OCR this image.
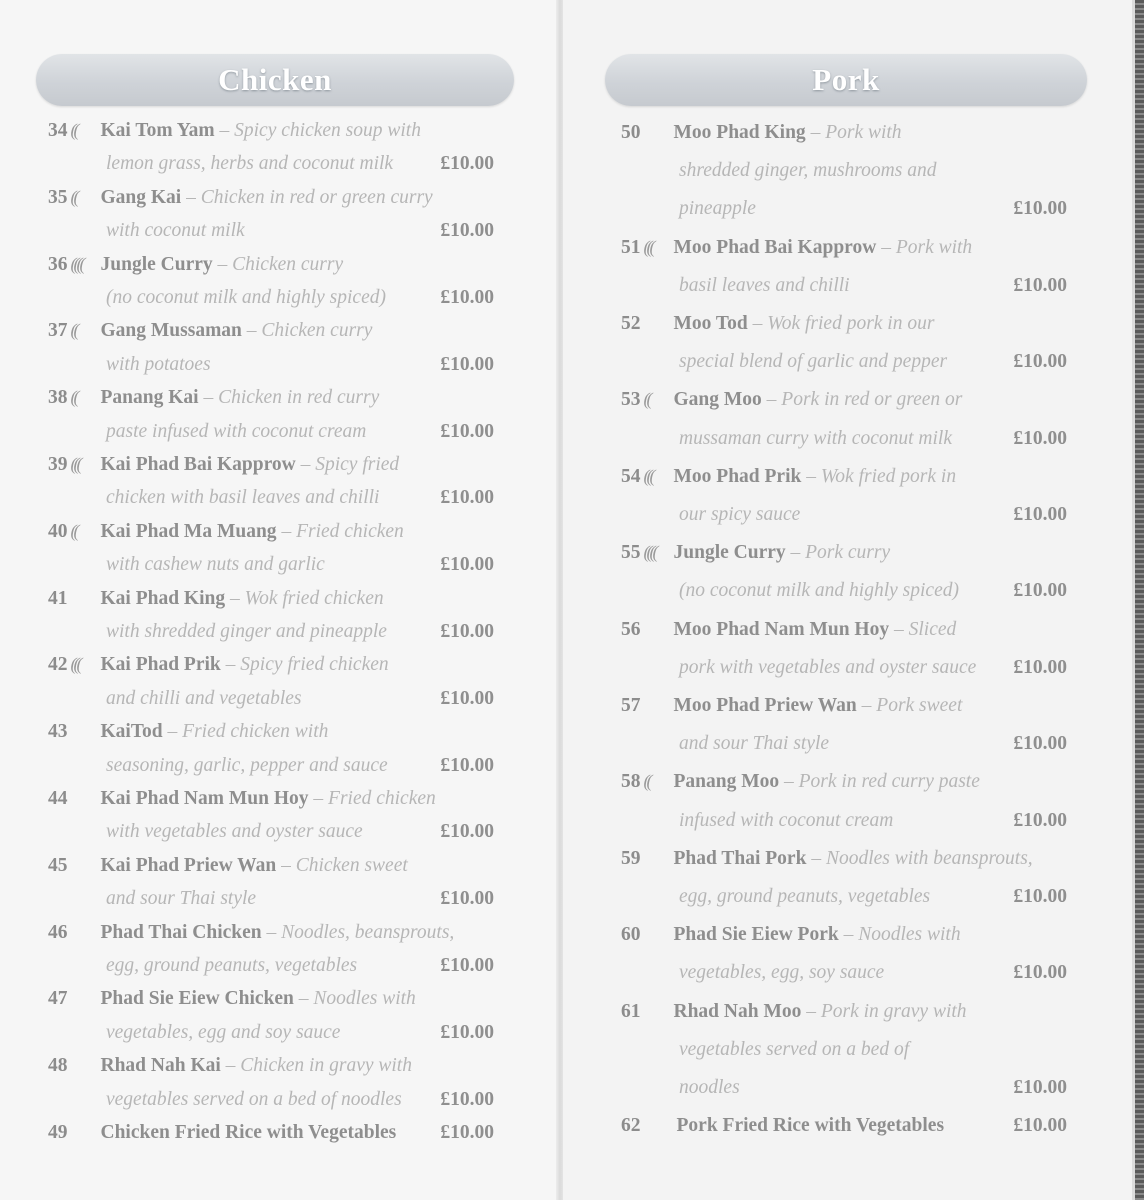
Chicken
34 ((	Kai Tom Yam – Spicy chicken soup with
lemon grass, herbs and coconut milk £10.00
35 ((	Gang Kai – Chicken in red or green curry
with coconut milk	£10.00
36 (((( Jungle Curry – Chicken curry
(no coconut milk and highly spiced)	£10.00
37 ((	Gang Mussaman – Chicken curry
with potatoes	£10.00
38 ((	Panang Kai – Chicken in red curry
paste infused with coconut cream	£10.00
39 (((	Kai Phad Bai Kapprow – Spicy fried
chicken with basil leaves and chilli	£10.00
40 ((	Kai Phad Ma Muang – Fried chicken
with cashew nuts and garlic	£10.00
41 Kai Phad King – Wok fried chicken
with shredded ginger and pineapple	£10.00
42 (((	Kai Phad Prik – Spicy fried chicken
and chilli and vegetables	£10.00
43 KaiTod – Fried chicken with
seasoning, garlic, pepper and sauce	£10.00
44 Kai Phad Nam Mun Hoy – Fried chicken
with vegetables and oyster sauce	£10.00
45 Kai Phad Priew Wan – Chicken sweet
and sour Thai style	£10.00
46 Phad Thai Chicken – Noodles, beansprouts,
egg, ground peanuts, vegetables	£10.00
47 Phad Sie Eiew Chicken – Noodles with
vegetables, egg and soy sauce	£10.00
48 Rhad Nah Kai – Chicken in gravy with
vegetables served on a bed of noodles £10.00
49 Chicken Fried Rice with Vegetables £10.00
Pork
50 Moo Phad King – Pork with
shredded ginger, mushrooms and
pineapple	£10.00
51 (((	Moo Phad Bai Kapprow – Pork with
basil leaves and chilli	£10.00
52 Moo Tod – Wok fried pork in our
special blend of garlic and pepper	£10.00
53 ((	Gang Moo – Pork in red or green or
mussaman curry with coconut milk	£10.00
54 (((	Moo Phad Prik – Wok fried pork in
our spicy sauce	£10.00
55 (((( Jungle Curry – Pork curry
(no coconut milk and highly spiced)	£10.00
56 Moo Phad Nam Mun Hoy – Sliced
pork with vegetables and oyster sauce £10.00
57 Moo Phad Priew Wan – Pork sweet
and sour Thai style	£10.00
58 ((	Panang Moo – Pork in red curry paste
infused with coconut cream	£10.00
59 Phad Thai Pork – Noodles with beansprouts,
egg, ground peanuts, vegetables	£10.00
60 Phad Sie Eiew Pork – Noodles with
vegetables, egg, soy sauce	£10.00
61 Rhad Nah Moo – Pork in gravy with
vegetables served on a bed of
noodles	£10.00
62 Pork Fried Rice with Vegetables	£10.00
